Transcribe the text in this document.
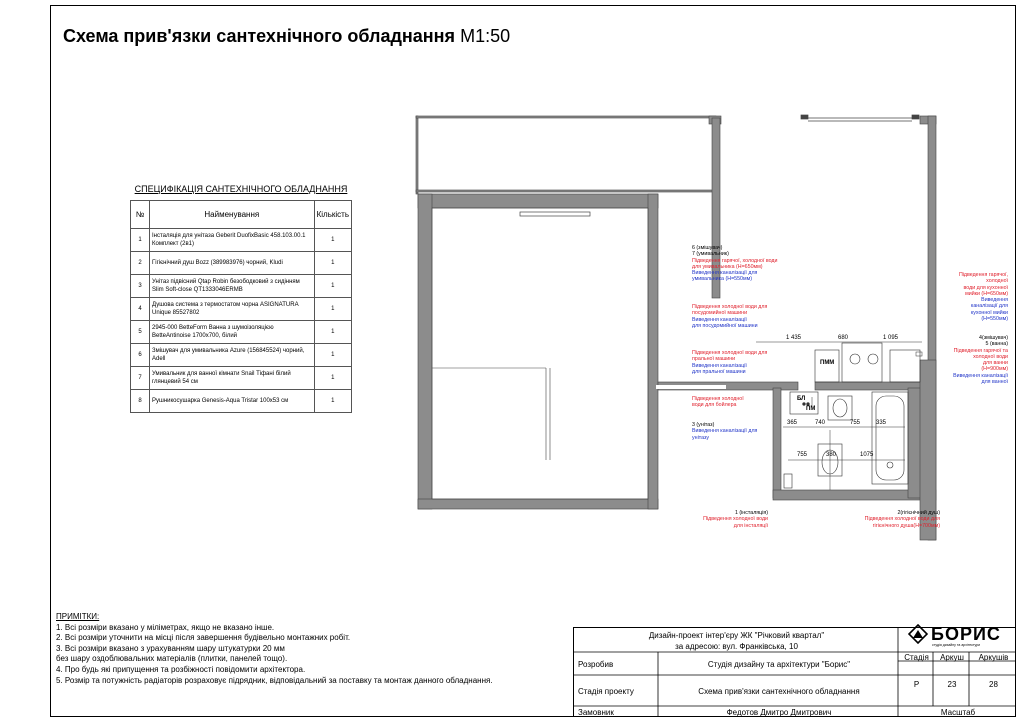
Схема прив'язки сантехнічного обладнання М1:50
СПЕЦИФІКАЦІЯ САНТЕХНІЧНОГО ОБЛАДНАННЯ
№	Найменування	Кількість
1	Інсталяція для унітаза Geberit DuofixBasic 458.103.00.1 Комплект (2в1)	1
2	Гігієнічний душ Bozz (389983976) чорний, Kludi	1
3	Унітаз підвісний Qtap Robin безободковий з сидінням Slim Soft-close QT1333046ERMB	1
4	Душова система з термостатом чорна ASIGNATURA Unique 85527802	1
5	2945-000 BetteForm Ванна з шумоізоляцією BetteAntinoise 1700x700, білий	1
6	Змішувач для умивальника Azure (156845524) чорний, Adell	1
7	Умивальник для ванної кімнати Snail Тіфані білий глянцевий 54 см	1
8	Рушникосушарка Genesis-Aqua Tristar 100x53 см	1
ПММ
ПМ
БЛ
1 435	680	1 095
365	740	755	335
755	380	1075
6 (змішувач)
7 (умивальник)
Підведення гарячої, холодної води
для умивальника (Н=650мм)
Виведення каналізації для
умивальника (Н=550мм)
Підведення холодної води для
посудомийної машини
Виведення каналізації
для посудомийної машини
Підведення холодної води для
пральної машини
Виведення каналізації
для пральної машини
Підведення холодної
води для бойлера
3 (унітаз)
Виведення каналізації для
унітазу
Підведення гарячої,
холодної
води для кухонної
мийки (Н=650мм)
Виведення
каналізації для
кухонної мийки
(Н=550мм)
4(змішувач)
5 (ванна)
Підведення гарячої та
холодної води
для ванни
(Н=900мм)
Виведення каналізації
для ванної
1 (інсталяція)
Підведення холодної води
для інсталяції
2(гігієнічний душ)
Підведення холодної води для
гігієнічного душа(Н=700мм)
ПРИМІТКИ:
1. Всі розміри вказано у міліметрах, якщо не вказано інше.
2. Всі розміри уточнити на місці після завершення будівельно монтажних робіт.
3. Всі розміри вказано з урахуванням шару штукатурки 20 мм
без шару оздоблювальних матеріалів (плитки, панелей тощо).
4. Про будь які припущення та розбіжності повідомити архітектора.
5. Розмір та потужність радіаторів розраховує підрядник, відповідальний за поставку та монтаж данного обладнання.
Дизайн-проект інтер'єру ЖК "Річковий квартал"
за адресою: вул. Франківська, 10
Розробив	Студія дизайну та архітектури "Борис"
Стадія проекту	Схема прив'язки сантехнічного обладнання
Замовник	Федотов Дмитро Дмитрович
Стадія	Аркуш	Аркушів
Р	23	28
Масштаб
БОРИС
студія дизайну та архітектури
